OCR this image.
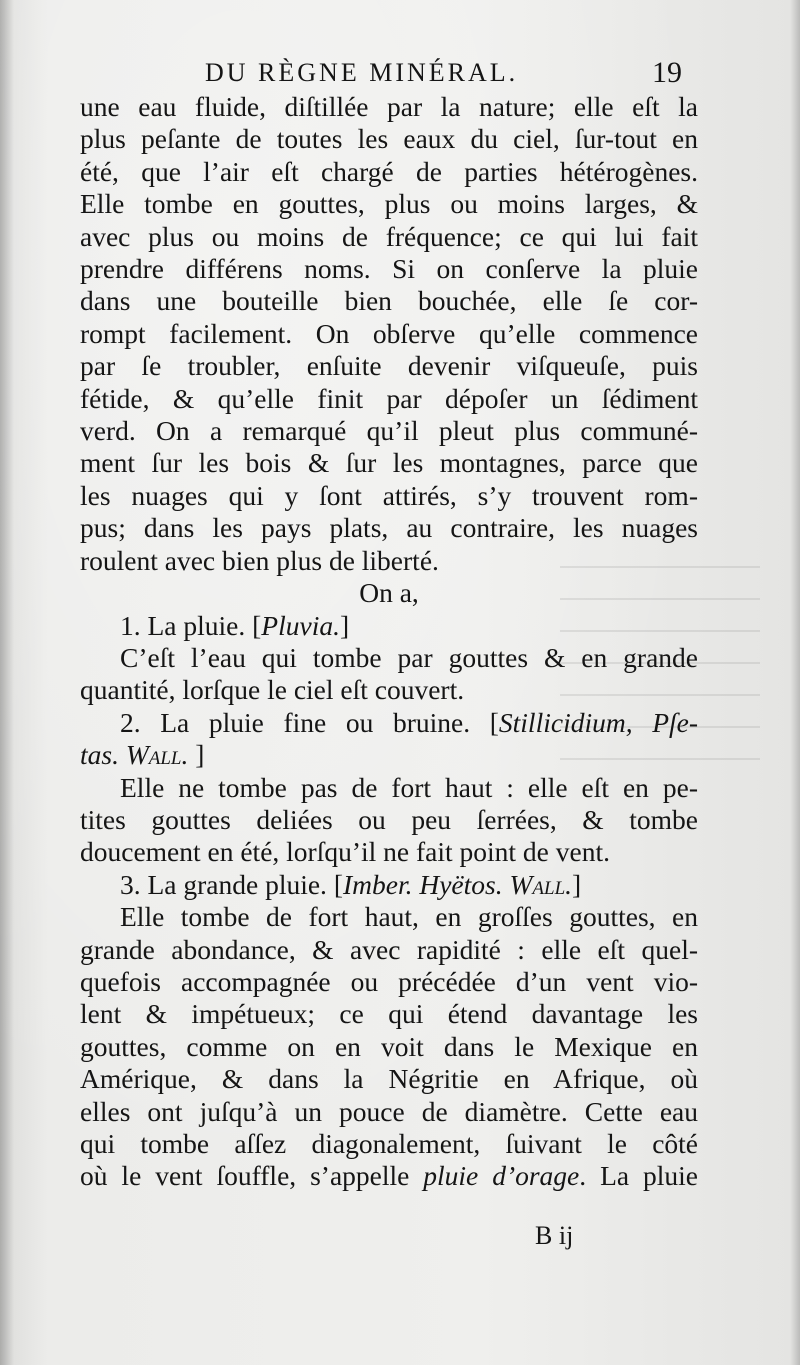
DU RÈGNE MINÉRAL.	19

une eau fluide, diſtillée par la nature; elle eſt la
plus peſante de toutes les eaux du ciel, ſur-tout en
été, que l’air eſt chargé de parties hétérogènes.
Elle tombe en gouttes, plus ou moins larges, &
avec plus ou moins de fréquence; ce qui lui fait
prendre différens noms. Si on conſerve la pluie
dans une bouteille bien bouchée, elle ſe cor-
rompt facilement. On obſerve qu’elle commence
par ſe troubler, enſuite devenir viſqueuſe, puis
fétide, & qu’elle finit par dépoſer un ſédiment
verd. On a remarqué qu’il pleut plus communé-
ment ſur les bois & ſur les montagnes, parce que
les nuages qui y ſont attirés, s’y trouvent rom-
pus; dans les pays plats, au contraire, les nuages
roulent avec bien plus de liberté.

On a,

1. La pluie. [Pluvia.]
C’eſt l’eau qui tombe par gouttes & en grande
quantité, lorſque le ciel eſt couvert.

2. La pluie fine ou bruine. [Stillicidium, Pſe-
tas. Wall. ]
Elle ne tombe pas de fort haut : elle eſt en pe-
tites gouttes deliées ou peu ſerrées, & tombe
doucement en été, lorſqu’il ne fait point de vent.

3. La grande pluie. [Imber. Hyëtos. Wall.]
Elle tombe de fort haut, en groſſes gouttes, en
grande abondance, & avec rapidité : elle eſt quel-
quefois accompagnée ou précédée d’un vent vio-
lent & impétueux; ce qui étend davantage les
gouttes, comme on en voit dans le Mexique en
Amérique, & dans la Négritie en Afrique, où
elles ont juſqu’à un pouce de diamètre. Cette eau
qui tombe aſſez diagonalement, ſuivant le côté
où le vent ſouffle, s’appelle pluie d’orage. La pluie

B ij
